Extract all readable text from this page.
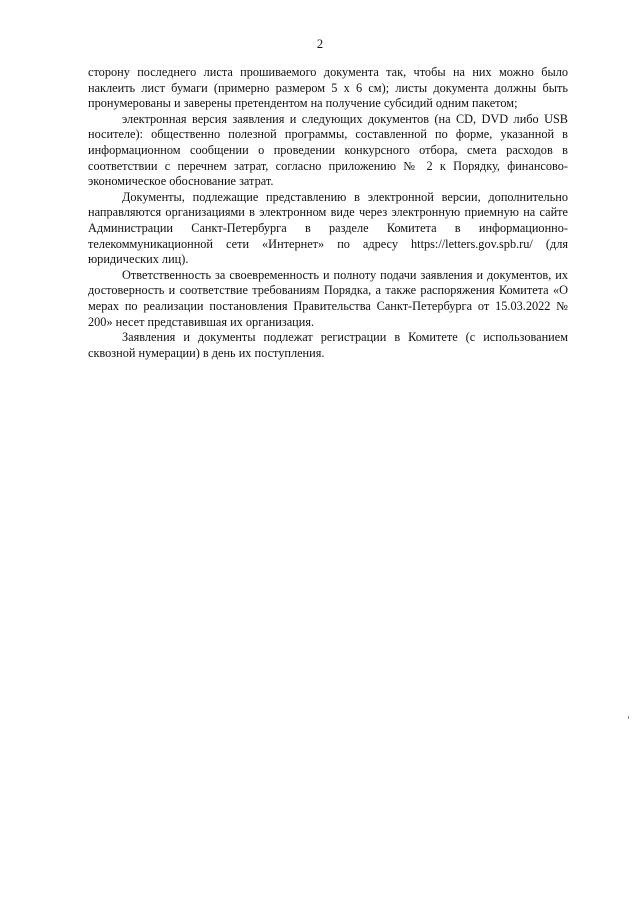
2

сторону последнего листа прошиваемого документа так, чтобы на них можно было наклеить лист бумаги (примерно размером 5 х 6 см); листы документа должны быть пронумерованы и заверены претендентом на получение субсидий одним пакетом;

электронная версия заявления и следующих документов (на CD, DVD либо USB носителе): общественно полезной программы, составленной по форме, указанной в информационном сообщении о проведении конкурсного отбора, смета расходов в соответствии с перечнем затрат, согласно приложению № 2 к Порядку, финансово-экономическое обоснование затрат.

Документы, подлежащие представлению в электронной версии, дополнительно направляются организациями в электронном виде через электронную приемную на сайте Администрации Санкт-Петербурга в разделе Комитета в информационно-телекоммуникационной сети «Интернет» по адресу https://letters.gov.spb.ru/ (для юридических лиц).

Ответственность за своевременность и полноту подачи заявления и документов, их достоверность и соответствие требованиям Порядка, а также распоряжения Комитета «О мерах по реализации постановления Правительства Санкт-Петербурга от 15.03.2022 № 200» несет представившая их организация.

Заявления и документы подлежат регистрации в Комитете (с использованием сквозной нумерации) в день их поступления.
